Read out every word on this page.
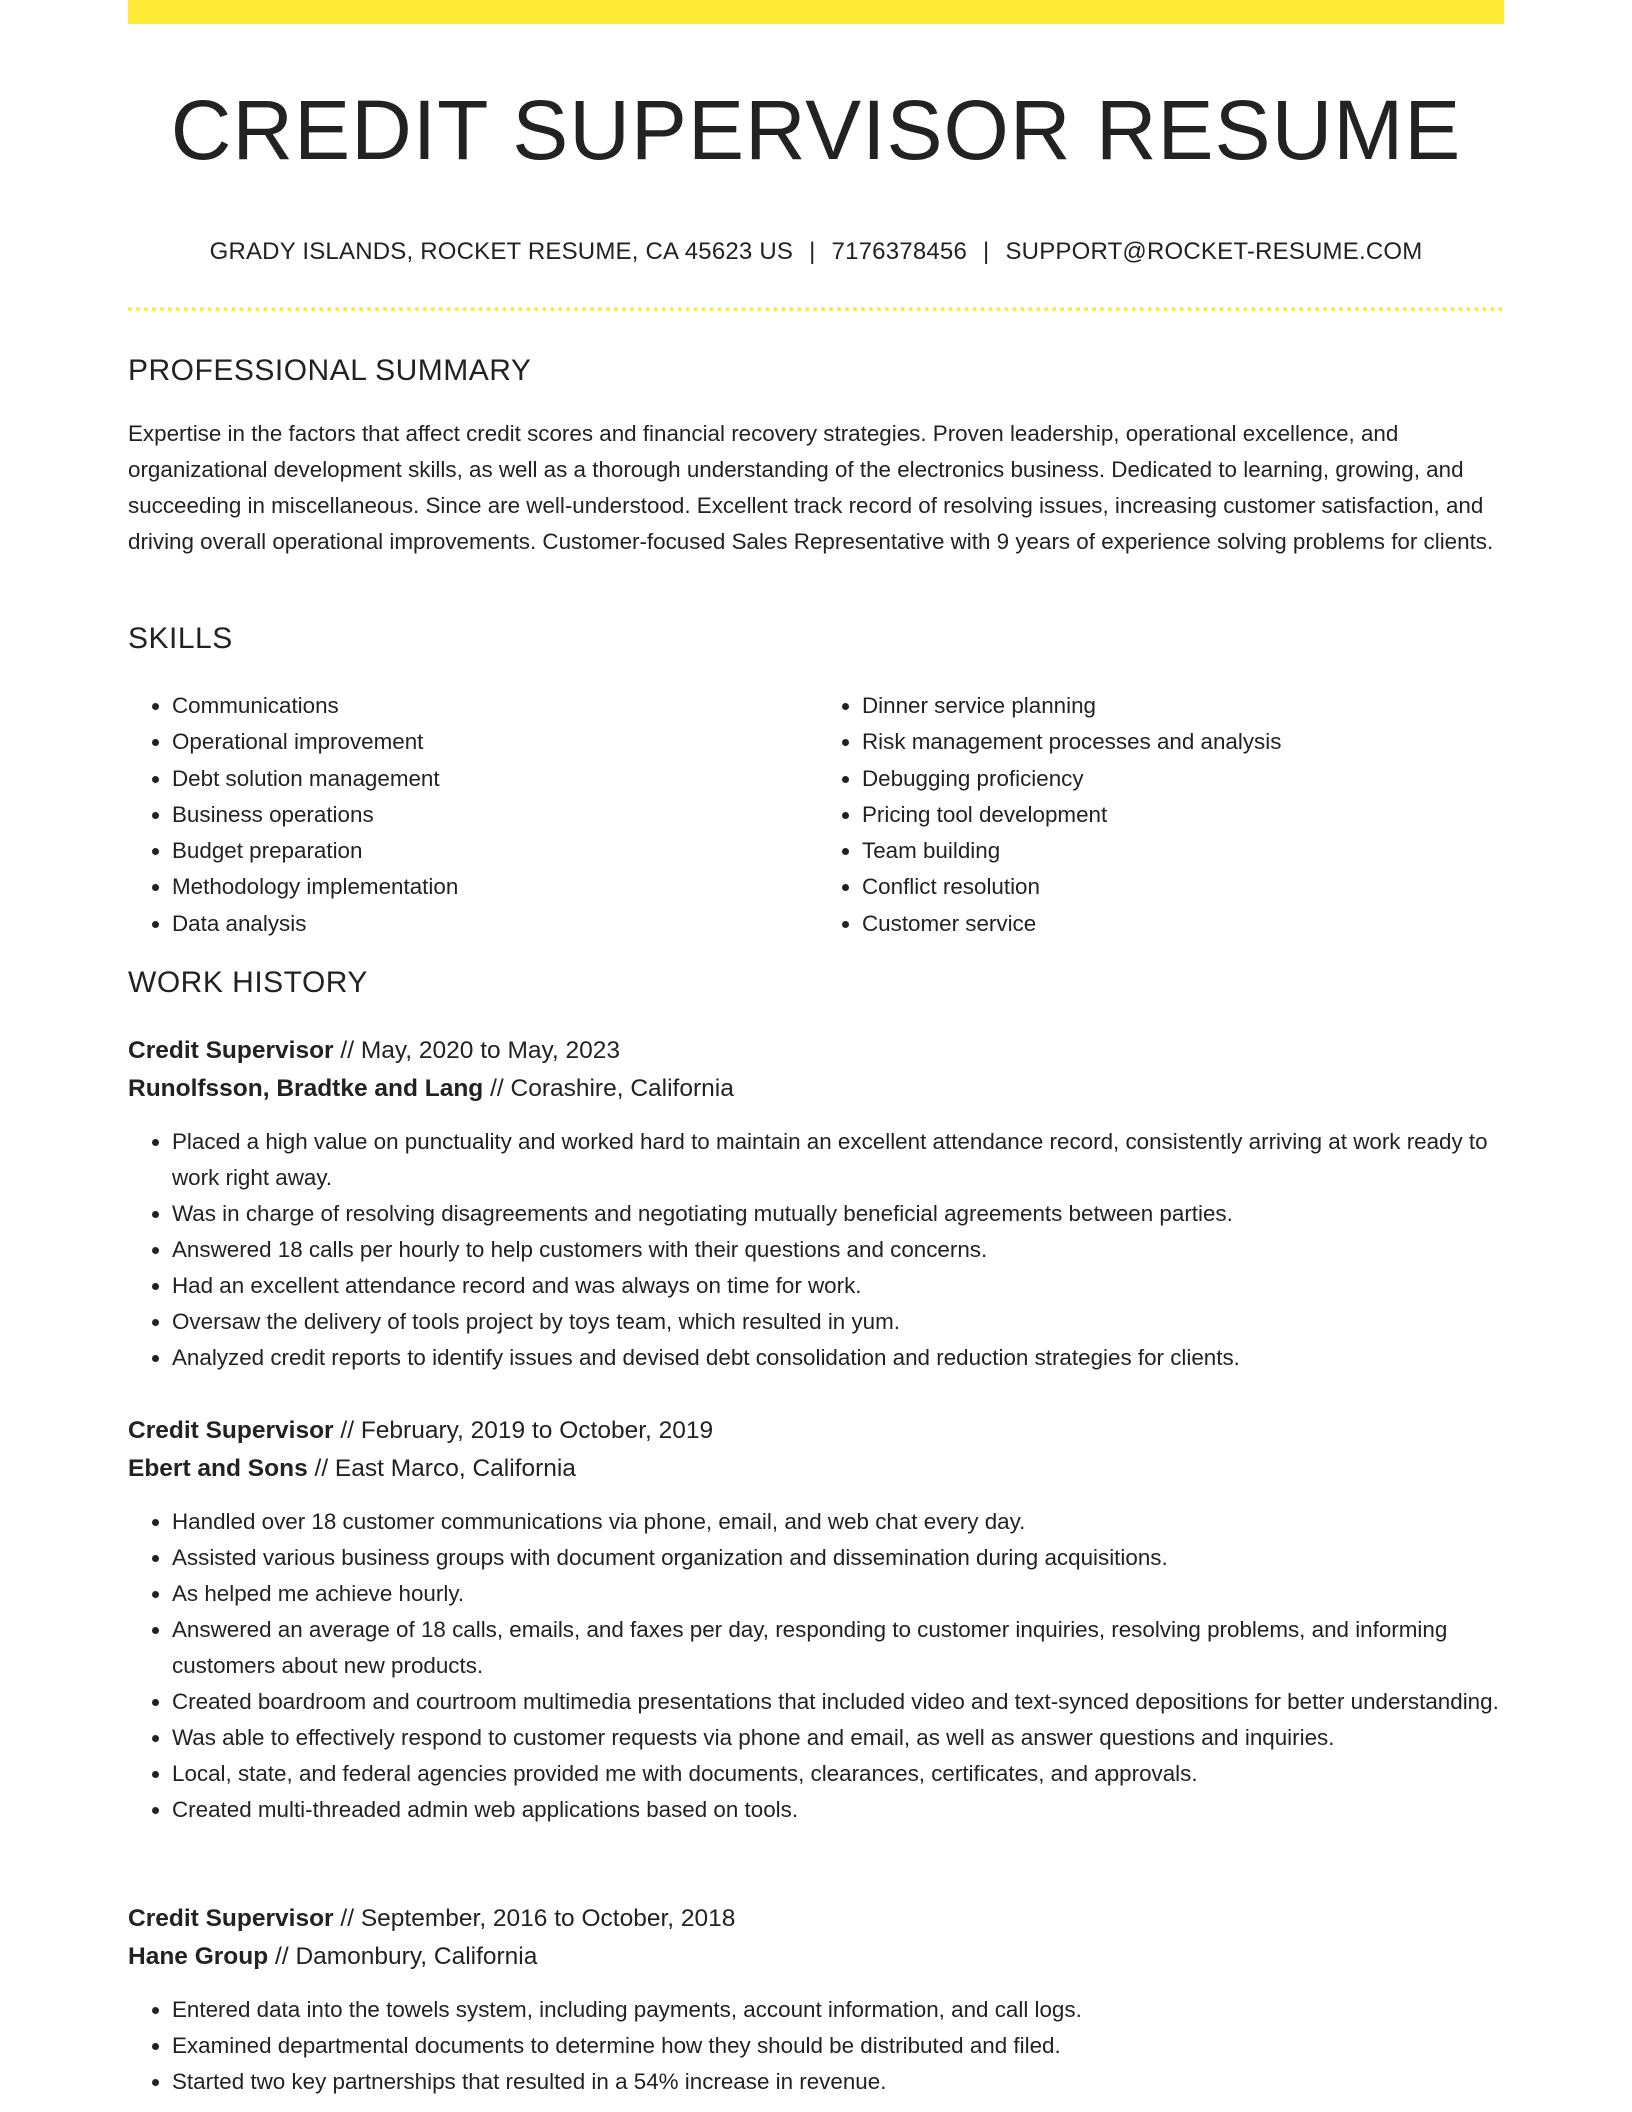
CREDIT SUPERVISOR RESUME
GRADY ISLANDS, ROCKET RESUME, CA 45623 US | 7176378456 | SUPPORT@ROCKET-RESUME.COM
PROFESSIONAL SUMMARY

Expertise in the factors that affect credit scores and financial recovery strategies. Proven leadership, operational excellence, and organizational development skills, as well as a thorough understanding of the electronics business. Dedicated to learning, growing, and succeeding in miscellaneous. Since are well-understood. Excellent track record of resolving issues, increasing customer satisfaction, and driving overall operational improvements. Customer-focused Sales Representative with 9 years of experience solving problems for clients.

SKILLS
• Communications
• Operational improvement
• Debt solution management
• Business operations
• Budget preparation
• Methodology implementation
• Data analysis
• Dinner service planning
• Risk management processes and analysis
• Debugging proficiency
• Pricing tool development
• Team building
• Conflict resolution
• Customer service
WORK HISTORY
Credit Supervisor // May, 2020 to May, 2023
Runolfsson, Bradtke and Lang // Corashire, California
• Placed a high value on punctuality and worked hard to maintain an excellent attendance record, consistently arriving at work ready to work right away.
• Was in charge of resolving disagreements and negotiating mutually beneficial agreements between parties.
• Answered 18 calls per hourly to help customers with their questions and concerns.
• Had an excellent attendance record and was always on time for work.
• Oversaw the delivery of tools project by toys team, which resulted in yum.
• Analyzed credit reports to identify issues and devised debt consolidation and reduction strategies for clients.
Credit Supervisor // February, 2019 to October, 2019
Ebert and Sons // East Marco, California
• Handled over 18 customer communications via phone, email, and web chat every day.
• Assisted various business groups with document organization and dissemination during acquisitions.
• As helped me achieve hourly.
• Answered an average of 18 calls, emails, and faxes per day, responding to customer inquiries, resolving problems, and informing customers about new products.
• Created boardroom and courtroom multimedia presentations that included video and text-synced depositions for better understanding.
• Was able to effectively respond to customer requests via phone and email, as well as answer questions and inquiries.
• Local, state, and federal agencies provided me with documents, clearances, certificates, and approvals.
• Created multi-threaded admin web applications based on tools.
Credit Supervisor // September, 2016 to October, 2018
Hane Group // Damonbury, California
• Entered data into the towels system, including payments, account information, and call logs.
• Examined departmental documents to determine how they should be distributed and filed.
• Started two key partnerships that resulted in a 54% increase in revenue.
